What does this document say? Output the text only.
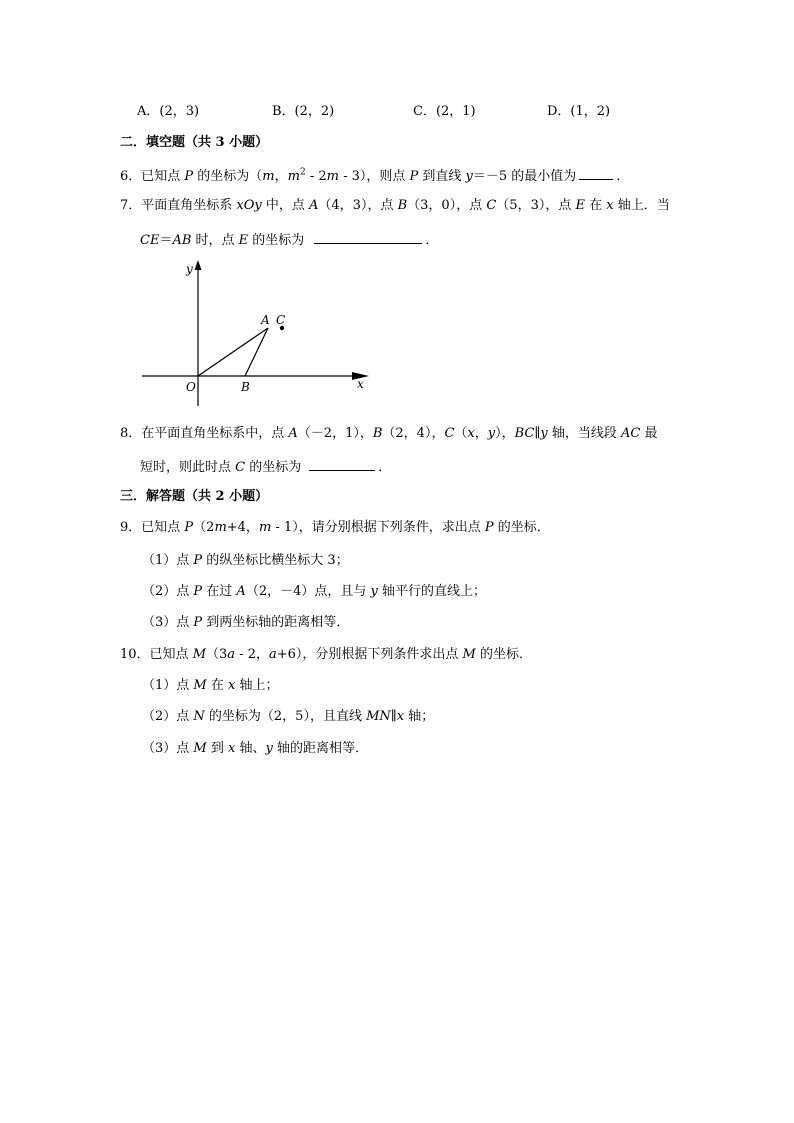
A．(2，3)	B．(2，2)	C．(2，1)	D．(1，2)
二．填空题（共 3 小题）
6．已知点 P 的坐标为（m，$m^2 - 2m - 3$），则点 P 到直线 y＝－5 的最小值为	．
7．平面直角坐标系 xOy 中，点 A（4，3），点 B（3，0），点 C（5，3），点 E 在 x 轴上．当
CE＝AB 时，点 E 的坐标为	．
y
x
O
A C
B
8．在平面直角坐标系中，点 A（－2，1），B（2，4），C（x，y），BC∥y 轴，当线段 AC 最
短时，则此时点 C 的坐标为	．
三．解答题（共 2 小题）
9．已知点 P（2m+4，m - 1），请分别根据下列条件，求出点 P 的坐标．
（1）点 P 的纵坐标比横坐标大 3；
（2）点 P 在过 A（2，－4）点，且与 y 轴平行的直线上；
（3）点 P 到两坐标轴的距离相等．
10．已知点 M（3a - 2，a+6），分别根据下列条件求出点 M 的坐标．
（1）点 M 在 x 轴上；
（2）点 N 的坐标为（2，5），且直线 MN∥x 轴；
（3）点 M 到 x 轴、y 轴的距离相等．
